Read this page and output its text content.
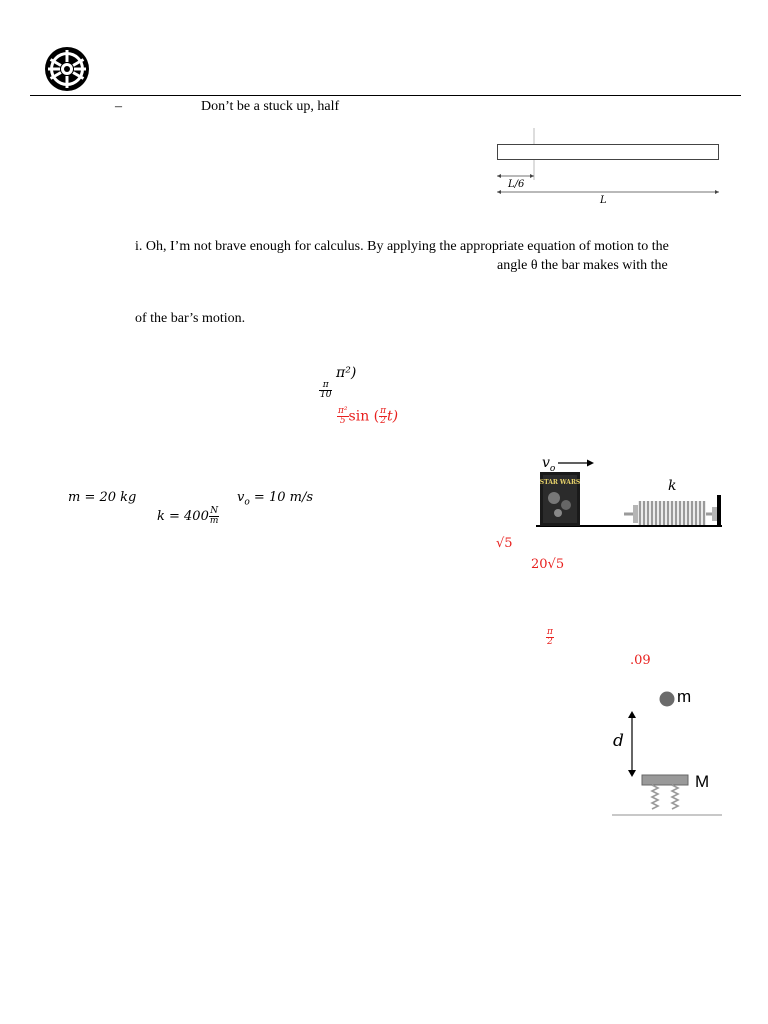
–	Don’t be a stuck up, half
L/6
L
i. Oh, I’m not brave enough for calculus. By applying the appropriate equation of motion to the
angle θ the bar makes with the
of the bar’s motion.
π²)
$\frac{\pi}{10}$
$\frac{\text{π²}}{5}$ sin ( $\frac{\pi}{2} t$)
m = 20 kg	$v_o = 10$ m/s
$k = 400 \frac{N}{m}$
STAR WARS
$v_o$
k
√5
20√5
$\frac{\pi}{2}$
.09
m
d
M
